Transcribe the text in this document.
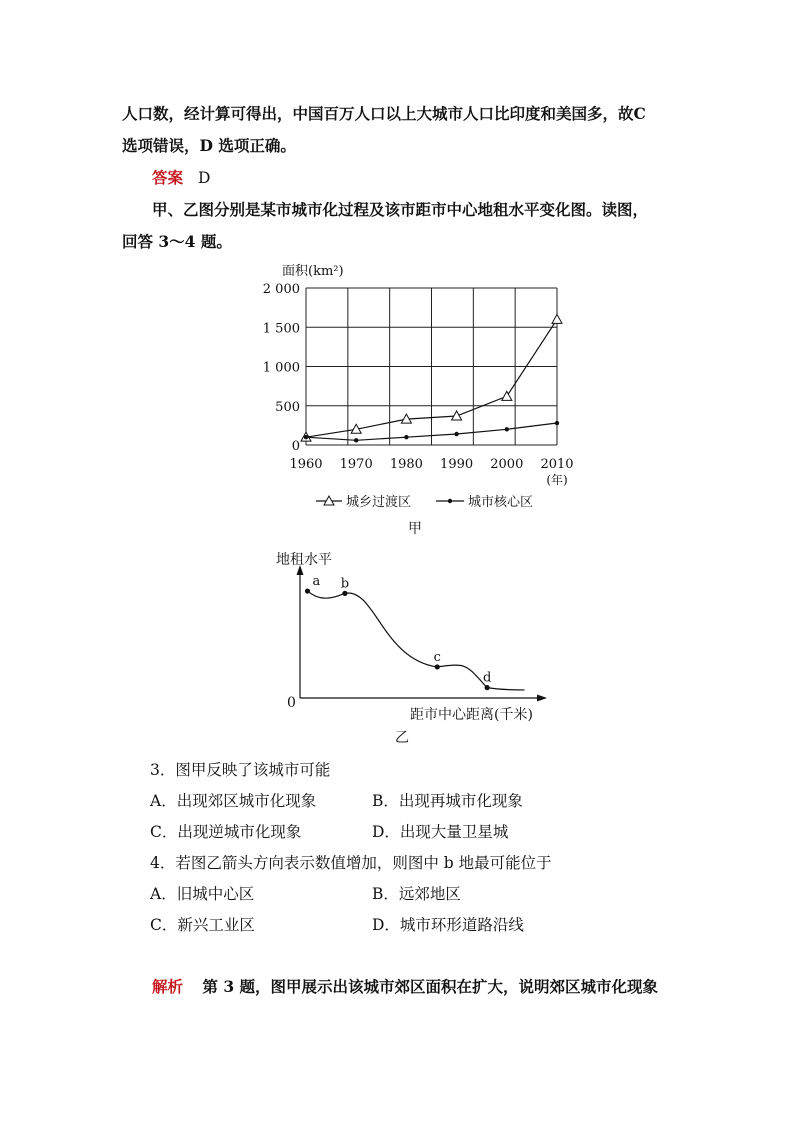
人口数，经计算可得出，中国百万人口以上大城市人口比印度和美国多，故C
选项错误，D 选项正确。
答案 D
甲、乙图分别是某市城市化过程及该市距市中心地租水平变化图。读图，
回答 3～4 题。
面积(km²)
2 000
1 500
1 000
500
0
1960 1970 1980 1990 2000 2010
(年)
城乡过渡区	城市核心区
甲
a b
c
d
地租水平
0
距市中心距离(千米)
乙
3．图甲反映了该城市可能
A．出现郊区城市化现象	B．出现再城市化现象
C．出现逆城市化现象	D．出现大量卫星城
4．若图乙箭头方向表示数值增加，则图中 b 地最可能位于
A．旧城中心区	B．远郊地区
C．新兴工业区	D．城市环形道路沿线
解析 第 3 题，图甲展示出该城市郊区面积在扩大，说明郊区城市化现象
